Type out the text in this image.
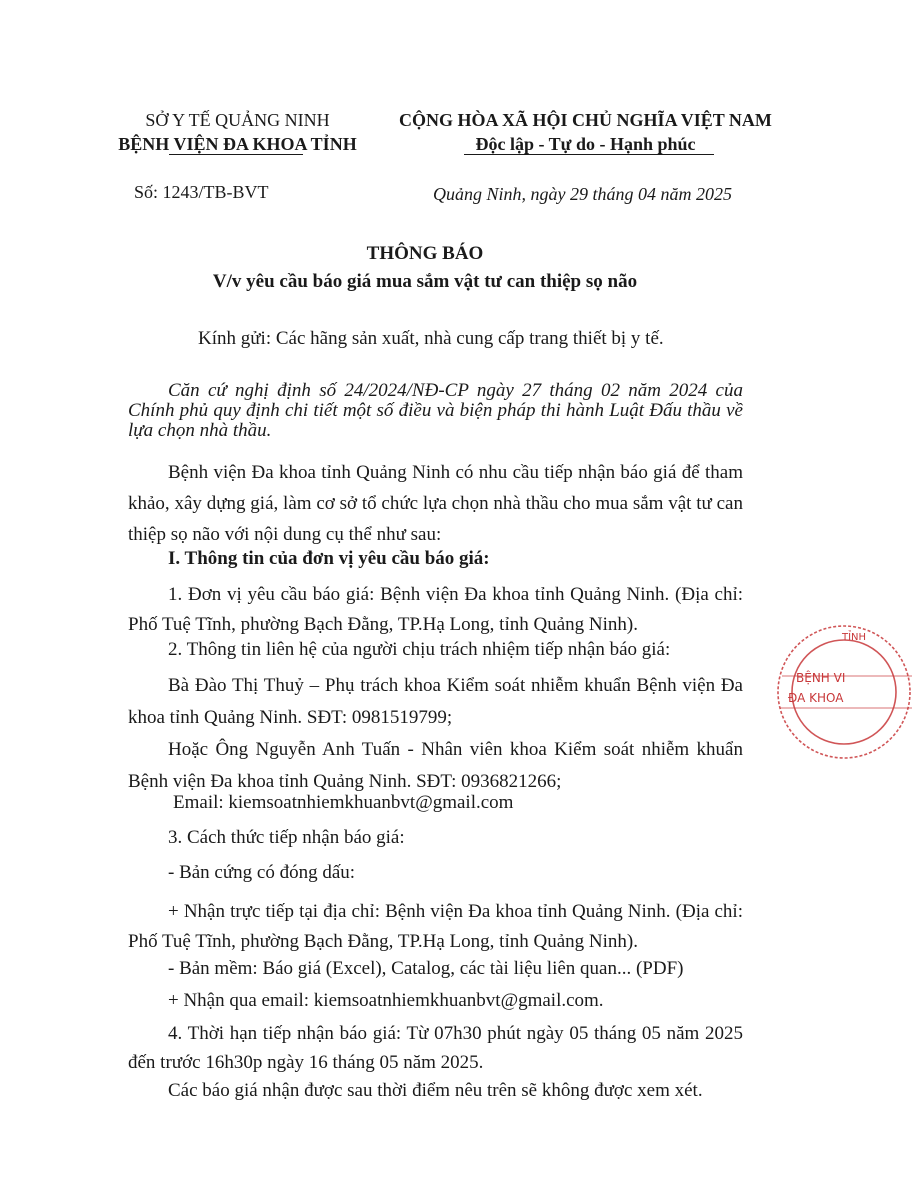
SỞ Y TẾ QUẢNG NINH
BỆNH VIỆN ĐA KHOA TỈNH
CỘNG HÒA XÃ HỘI CHỦ NGHĨA VIỆT NAM
Độc lập - Tự do - Hạnh phúc
Số: 1243/TB-BVT	Quảng Ninh, ngày 29 tháng 04 năm 2025
THÔNG BÁO
V/v yêu cầu báo giá mua sắm vật tư can thiệp sọ não
Kính gửi: Các hãng sản xuất, nhà cung cấp trang thiết bị y tế.
Căn cứ nghị định số 24/2024/NĐ-CP ngày 27 tháng 02 năm 2024 của Chính phủ quy định chi tiết một số điều và biện pháp thi hành Luật Đấu thầu về lựa chọn nhà thầu.
Bệnh viện Đa khoa tỉnh Quảng Ninh có nhu cầu tiếp nhận báo giá để tham khảo, xây dựng giá, làm cơ sở tổ chức lựa chọn nhà thầu cho mua sắm vật tư can thiệp sọ não với nội dung cụ thể như sau:
I. Thông tin của đơn vị yêu cầu báo giá:
1. Đơn vị yêu cầu báo giá: Bệnh viện Đa khoa tỉnh Quảng Ninh. (Địa chỉ: Phố Tuệ Tĩnh, phường Bạch Đằng, TP.Hạ Long, tỉnh Quảng Ninh).
2. Thông tin liên hệ của người chịu trách nhiệm tiếp nhận báo giá:
Bà Đào Thị Thuỷ – Phụ trách khoa Kiểm soát nhiễm khuẩn Bệnh viện Đa khoa tỉnh Quảng Ninh. SĐT: 0981519799;
Hoặc Ông Nguyễn Anh Tuấn - Nhân viên khoa Kiểm soát nhiễm khuẩn Bệnh viện Đa khoa tỉnh Quảng Ninh. SĐT: 0936821266;
Email: kiemsoatnhiemkhuanbvt@gmail.com
3. Cách thức tiếp nhận báo giá:
- Bản cứng có đóng dấu:
+ Nhận trực tiếp tại địa chỉ: Bệnh viện Đa khoa tỉnh Quảng Ninh. (Địa chỉ: Phố Tuệ Tĩnh, phường Bạch Đằng, TP.Hạ Long, tỉnh Quảng Ninh).
- Bản mềm: Báo giá (Excel), Catalog, các tài liệu liên quan... (PDF)
+ Nhận qua email: kiemsoatnhiemkhuanbvt@gmail.com.
4. Thời hạn tiếp nhận báo giá: Từ 07h30 phút ngày 05 tháng 05 năm 2025 đến trước 16h30p ngày 16 tháng 05 năm 2025.
Các báo giá nhận được sau thời điểm nêu trên sẽ không được xem xét.
TỈNH
BỆNH VI
ĐA KHOA
